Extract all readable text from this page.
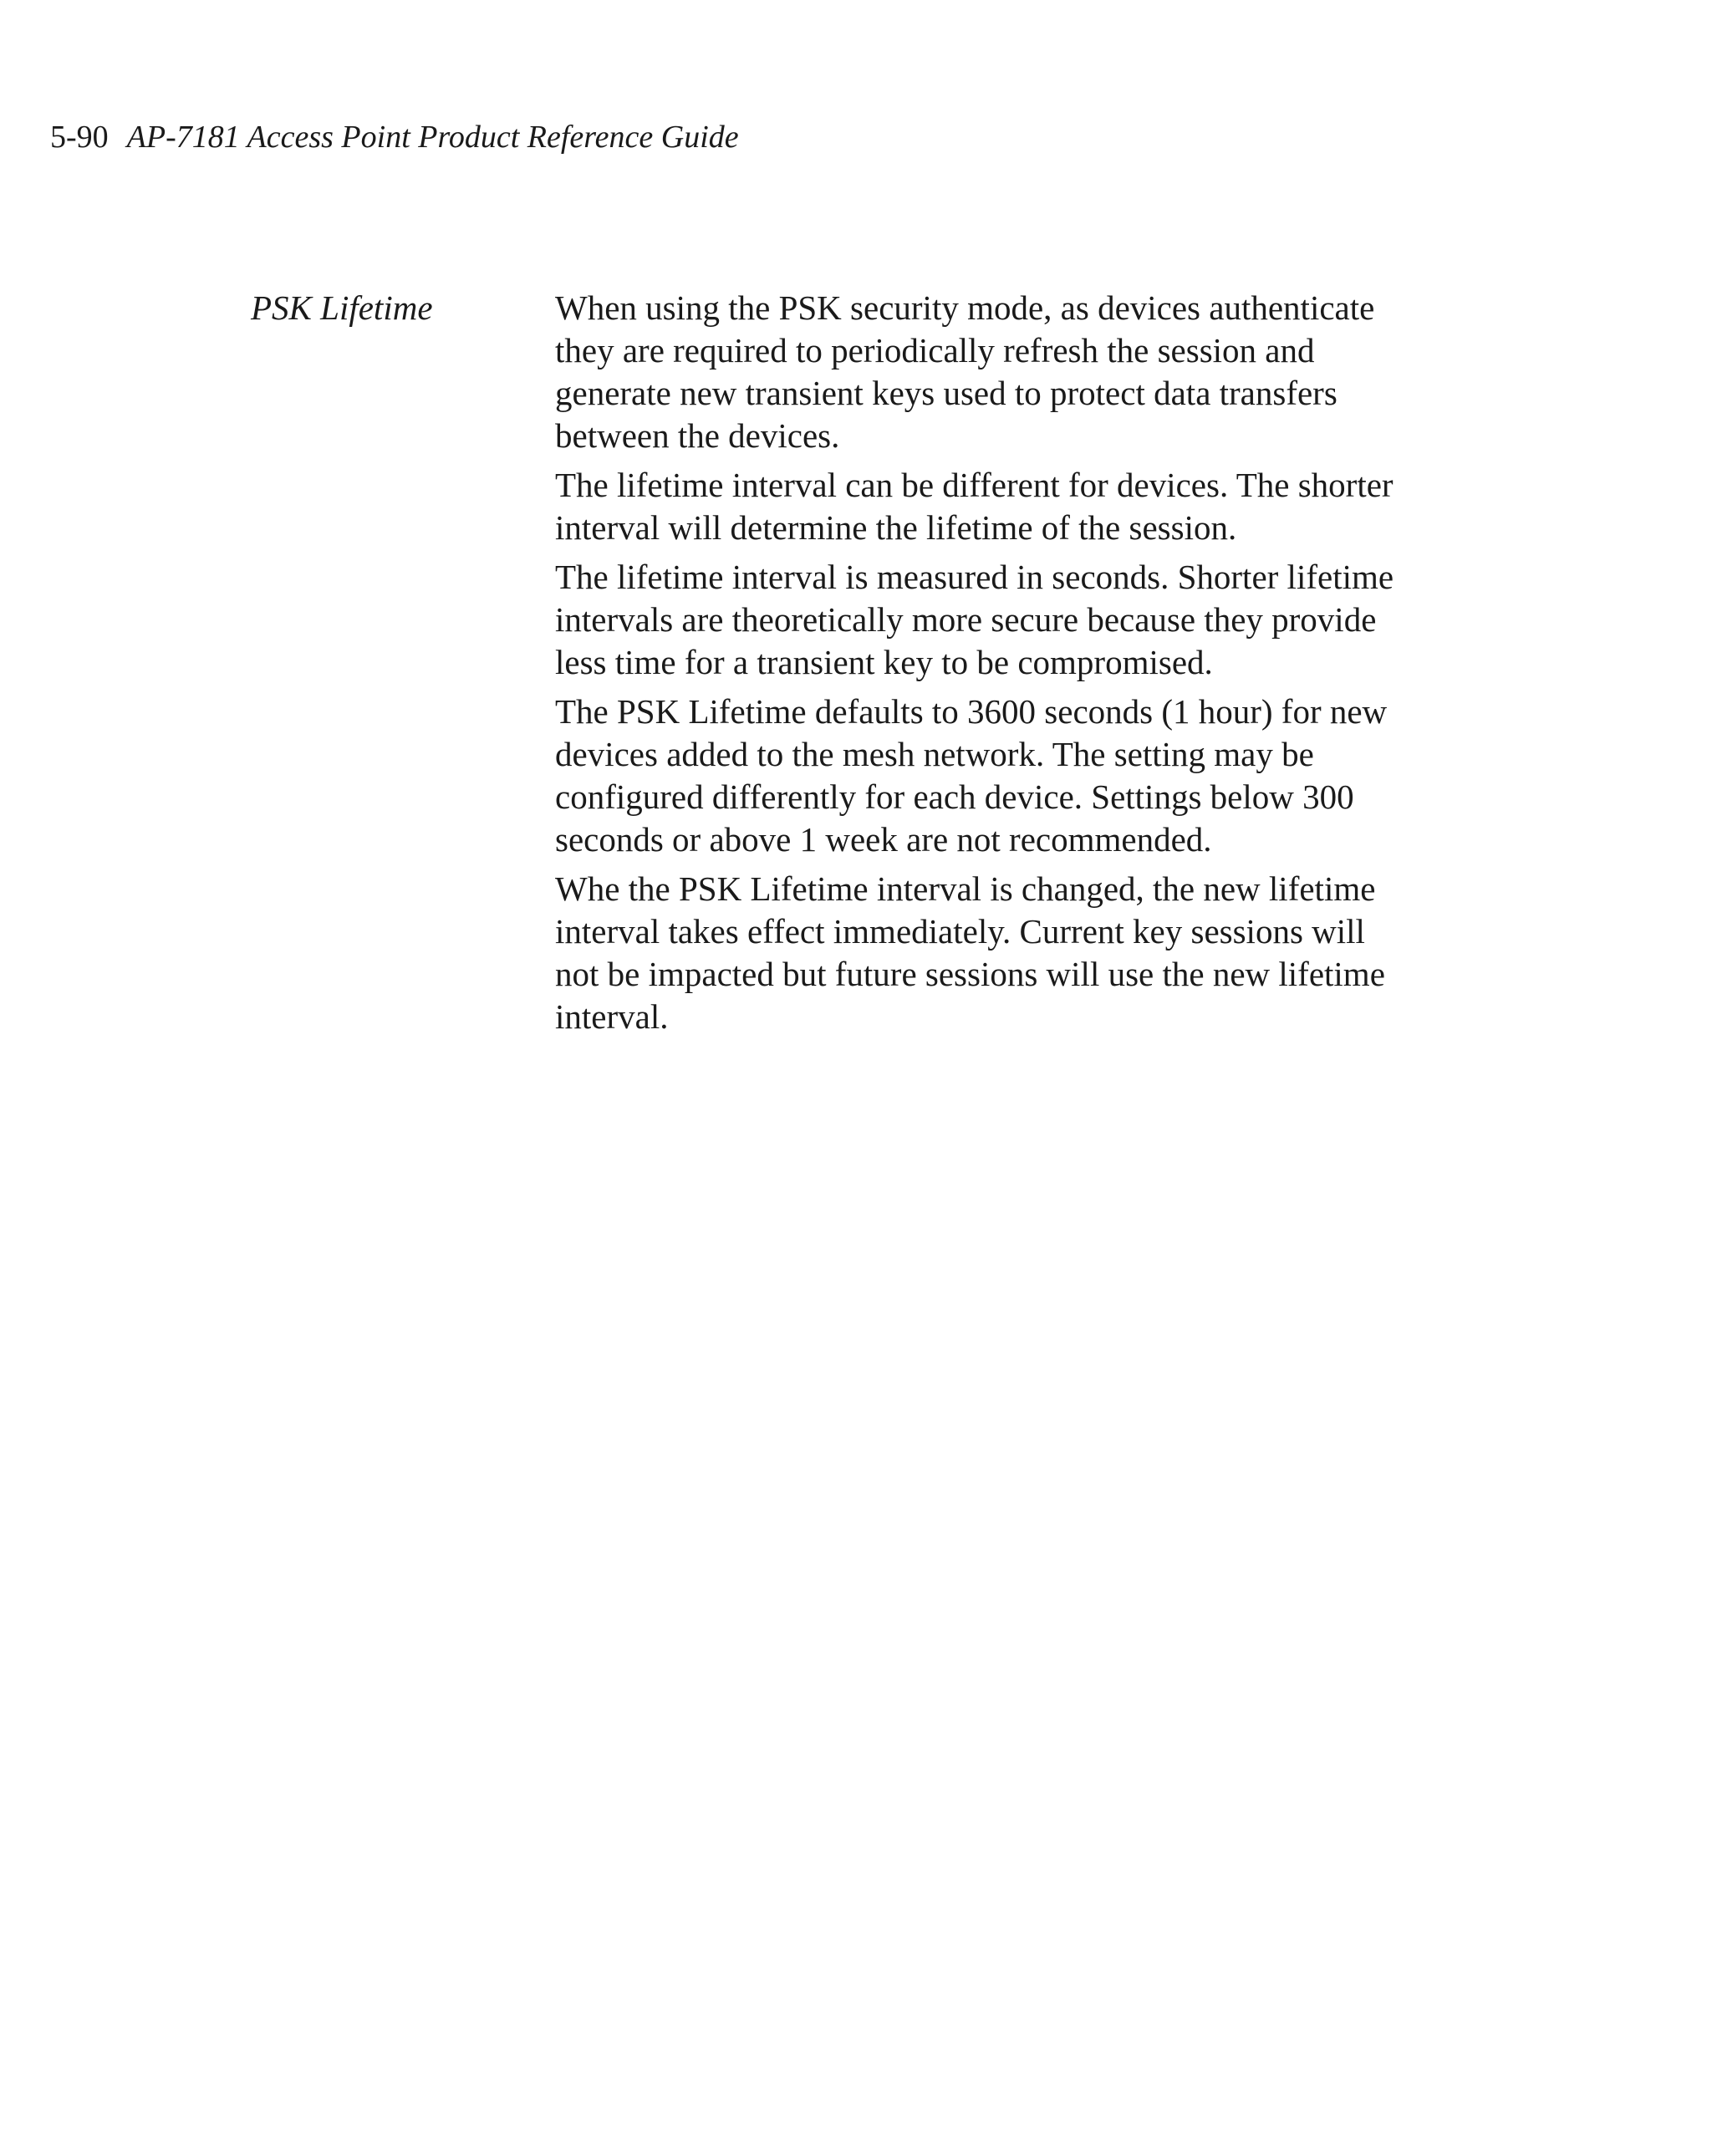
5-90 AP-7181 Access Point Product Reference Guide
PSK Lifetime	When using the PSK security mode, as devices authenticate they are required to periodically refresh the session and generate new transient keys used to protect data transfers between the devices.

The lifetime interval can be different for devices. The shorter interval will determine the lifetime of the session.

The lifetime interval is measured in seconds. Shorter lifetime intervals are theoretically more secure because they provide less time for a transient key to be compromised.

The PSK Lifetime defaults to 3600 seconds (1 hour) for new devices added to the mesh network. The setting may be configured differently for each device. Settings below 300 seconds or above 1 week are not recommended.

Whe the PSK Lifetime interval is changed, the new lifetime interval takes effect immediately. Current key sessions will not be impacted but future sessions will use the new lifetime interval.
